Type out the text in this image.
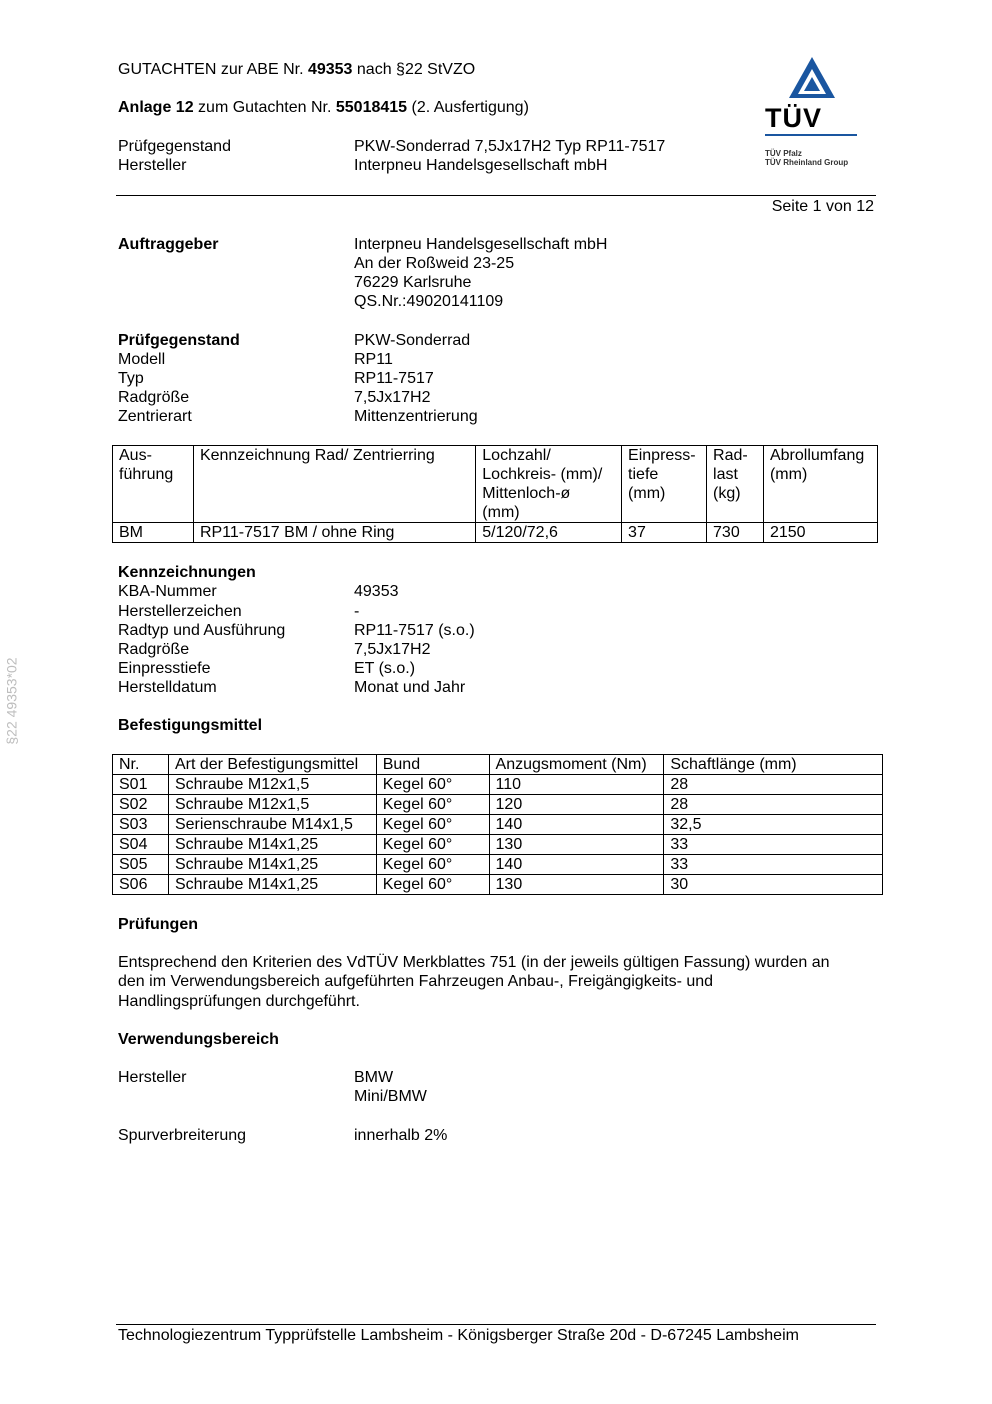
GUTACHTEN zur ABE Nr. 49353 nach §22 StVZO
Anlage 12 zum Gutachten Nr. 55018415 (2. Ausfertigung)
Prüfgegenstand	PKW-Sonderrad 7,5Jx17H2 Typ RP11-7517
Hersteller	Interpneu Handelsgesellschaft mbH
TÜV
TÜV Pfalz
TÜV Rheinland Group
Seite 1 von 12
§22 49353*02
Auftraggeber	Interpneu Handelsgesellschaft mbH
An der Roßweid 23-25
76229 Karlsruhe
QS.Nr.:49020141109
Prüfgegenstand	PKW-Sonderrad
Modell	RP11
Typ	RP11-7517
Radgröße	7,5Jx17H2
Zentrierart	Mittenzentrierung
Aus-
führung	Kennzeichnung Rad/ Zentrierring	Lochzahl/
Lochkreis- (mm)/
Mittenloch-ø
(mm)	Einpress-
tiefe
(mm)	Rad-
last
(kg)	Abrollumfang
(mm)
BM	RP11-7517 BM / ohne Ring	5/120/72,6	37	730	2150
Kennzeichnungen
KBA-Nummer	49353
Herstellerzeichen	-
Radtyp und Ausführung	RP11-7517 (s.o.)
Radgröße	7,5Jx17H2
Einpresstiefe	ET (s.o.)
Herstelldatum	Monat und Jahr
Befestigungsmittel
Nr.	Art der Befestigungsmittel	Bund	Anzugsmoment (Nm)	Schaftlänge (mm)
S01	Schraube M12x1,5	Kegel 60°	110	28
S02	Schraube M12x1,5	Kegel 60°	120	28
S03	Serienschraube M14x1,5	Kegel 60°	140	32,5
S04	Schraube M14x1,25	Kegel 60°	130	33
S05	Schraube M14x1,25	Kegel 60°	140	33
S06	Schraube M14x1,25	Kegel 60°	130	30
Prüfungen
Entsprechend den Kriterien des VdTÜV Merkblattes 751 (in der jeweils gültigen Fassung) wurden an
den im Verwendungsbereich aufgeführten Fahrzeugen Anbau-, Freigängigkeits- und
Handlingsprüfungen durchgeführt.
Verwendungsbereich
Hersteller	BMW
Mini/BMW
Spurverbreiterung	innerhalb 2%
Technologiezentrum Typprüfstelle Lambsheim - Königsberger Straße 20d - D-67245 Lambsheim
